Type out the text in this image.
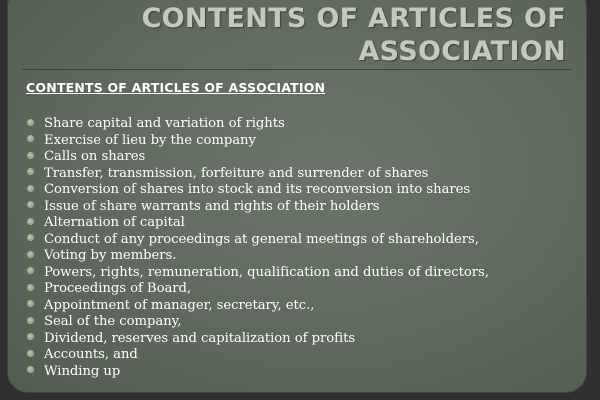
CONTENTS OF ARTICLES OF
ASSOCIATION
CONTENTS OF ARTICLES OF ASSOCIATION
Share capital and variation of rights
Exercise of lieu by the company
Calls on shares
Transfer, transmission, forfeiture and surrender of shares
Conversion of shares into stock and its reconversion into shares
Issue of share warrants and rights of their holders
Alternation of capital
Conduct of any proceedings at general meetings of shareholders,
Voting by members.
Powers, rights, remuneration, qualification and duties of directors,
Proceedings of Board,
Appointment of manager, secretary, etc.,
Seal of the company,
Dividend, reserves and capitalization of profits
Accounts, and
Winding up
